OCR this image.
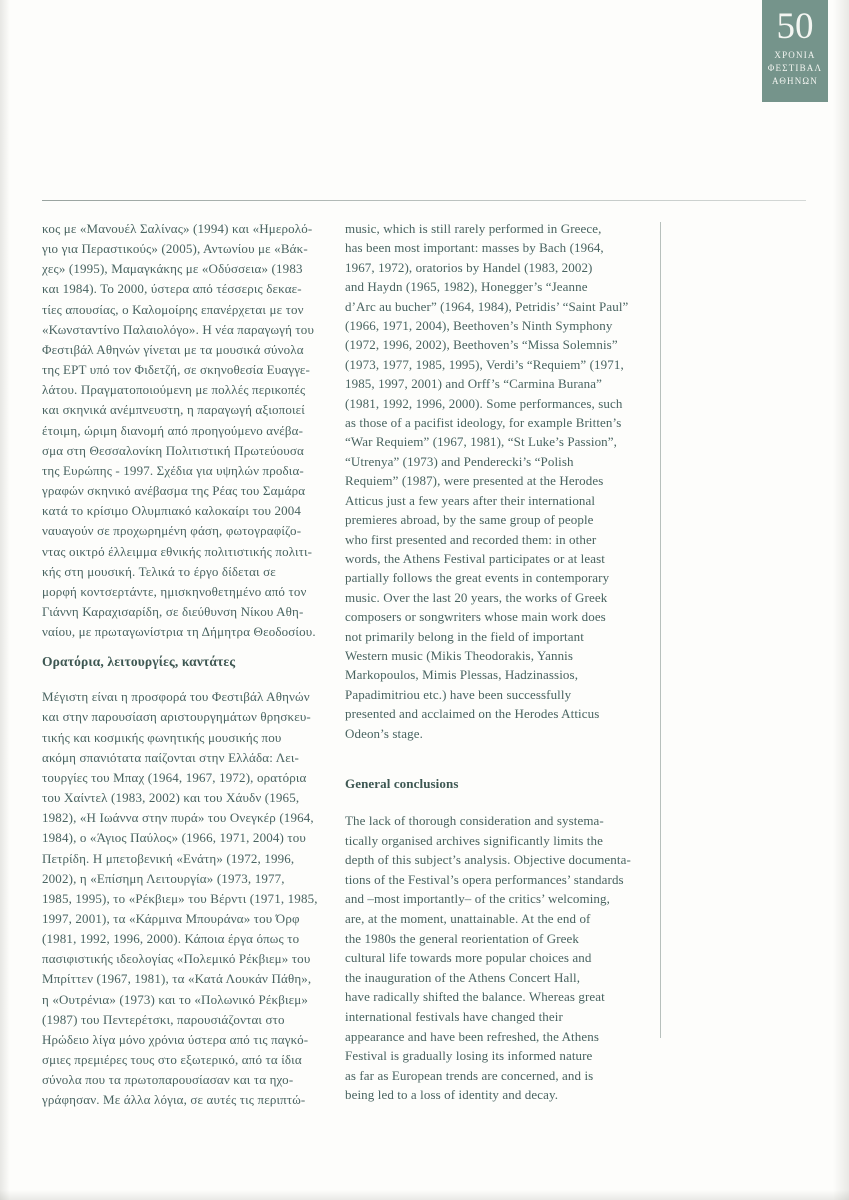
50
ΧΡΟΝΙΑ
ΦΕΣΤΙΒΑΛ
ΑΘΗΝΩΝ
κος με «Μανουέλ Σαλίνας» (1994) και «Ημερολό-
γιο για Περαστικούς» (2005), Αντωνίου με «Βάκ-
χες» (1995), Μαμαγκάκης με «Οδύσσεια» (1983
και 1984). Το 2000, ύστερα από τέσσερις δεκαε-
τίες απουσίας, ο Καλομοίρης επανέρχεται με τον
«Κωνσταντίνο Παλαιολόγο». Η νέα παραγωγή του
Φεστιβάλ Αθηνών γίνεται με τα μουσικά σύνολα
της ΕΡΤ υπό τον Φιδετζή, σε σκηνοθεσία Ευαγγε-
λάτου. Πραγματοποιούμενη με πολλές περικοπές
και σκηνικά ανέμπνευστη, η παραγωγή αξιοποιεί
έτοιμη, ώριμη διανομή από προηγούμενο ανέβα-
σμα στη Θεσσαλονίκη Πολιτιστική Πρωτεύουσα
της Ευρώπης - 1997. Σχέδια για υψηλών προδια-
γραφών σκηνικό ανέβασμα της Ρέας του Σαμάρα
κατά το κρίσιμο Ολυμπιακό καλοκαίρι του 2004
ναυαγούν σε προχωρημένη φάση, φωτογραφίζο-
ντας οικτρό έλλειμμα εθνικής πολιτιστικής πολιτι-
κής στη μουσική. Τελικά το έργο δίδεται σε
μορφή κοντσερτάντε, ημισκηνοθετημένο από τον
Γιάννη Καραχισαρίδη, σε διεύθυνση Νίκου Αθη-
ναίου, με πρωταγωνίστρια τη Δήμητρα Θεοδοσίου.
Ορατόρια, λειτουργίες, καντάτες
Μέγιστη είναι η προσφορά του Φεστιβάλ Αθηνών
και στην παρουσίαση αριστουργημάτων θρησκευ-
τικής και κοσμικής φωνητικής μουσικής που
ακόμη σπανιότατα παίζονται στην Ελλάδα: Λει-
τουργίες του Μπαχ (1964, 1967, 1972), ορατόρια
του Χαίντελ (1983, 2002) και του Χάυδν (1965,
1982), «Η Ιωάννα στην πυρά» του Ονεγκέρ (1964,
1984), ο «Άγιος Παύλος» (1966, 1971, 2004) του
Πετρίδη. Η μπετοβενική «Ενάτη» (1972, 1996,
2002), η «Επίσημη Λειτουργία» (1973, 1977,
1985, 1995), το «Ρέκβιεμ» του Βέρντι (1971, 1985,
1997, 2001), τα «Κάρμινα Μπουράνα» του Όρφ
(1981, 1992, 1996, 2000). Κάποια έργα όπως το
πασιφιστικής ιδεολογίας «Πολεμικό Ρέκβιεμ» του
Μπρίττεν (1967, 1981), τα «Κατά Λουκάν Πάθη»,
η «Ουτρένια» (1973) και το «Πολωνικό Ρέκβιεμ»
(1987) του Πεντερέτσκι, παρουσιάζονται στο
Ηρώδειο λίγα μόνο χρόνια ύστερα από τις παγκό-
σμιες πρεμιέρες τους στο εξωτερικό, από τα ίδια
σύνολα που τα πρωτοπαρουσίασαν και τα ηχο-
γράφησαν. Με άλλα λόγια, σε αυτές τις περιπτώ-
music, which is still rarely performed in Greece,
has been most important: masses by Bach (1964,
1967, 1972), oratorios by Handel (1983, 2002)
and Haydn (1965, 1982), Honegger’s “Jeanne
d’Arc au bucher” (1964, 1984), Petridis’ “Saint Paul”
(1966, 1971, 2004), Beethoven’s Ninth Symphony
(1972, 1996, 2002), Beethoven’s “Missa Solemnis”
(1973, 1977, 1985, 1995), Verdi’s “Requiem” (1971,
1985, 1997, 2001) and Orff’s “Carmina Burana”
(1981, 1992, 1996, 2000). Some performances, such
as those of a pacifist ideology, for example Britten’s
“War Requiem” (1967, 1981), “St Luke’s Passion”,
“Utrenya” (1973) and Penderecki’s “Polish
Requiem” (1987), were presented at the Herodes
Atticus just a few years after their international
premieres abroad, by the same group of people
who first presented and recorded them: in other
words, the Athens Festival participates or at least
partially follows the great events in contemporary
music. Over the last 20 years, the works of Greek
composers or songwriters whose main work does
not primarily belong in the field of important
Western music (Mikis Theodorakis, Yannis
Markopoulos, Mimis Plessas, Hadzinassios,
Papadimitriou etc.) have been successfully
presented and acclaimed on the Herodes Atticus
Odeon’s stage.
General conclusions
The lack of thorough consideration and systema-
tically organised archives significantly limits the
depth of this subject’s analysis. Objective documenta-
tions of the Festival’s opera performances’ standards
and –most importantly– of the critics’ welcoming,
are, at the moment, unattainable. At the end of
the 1980s the general reorientation of Greek
cultural life towards more popular choices and
the inauguration of the Athens Concert Hall,
have radically shifted the balance. Whereas great
international festivals have changed their
appearance and have been refreshed, the Athens
Festival is gradually losing its informed nature
as far as European trends are concerned, and is
being led to a loss of identity and decay.
